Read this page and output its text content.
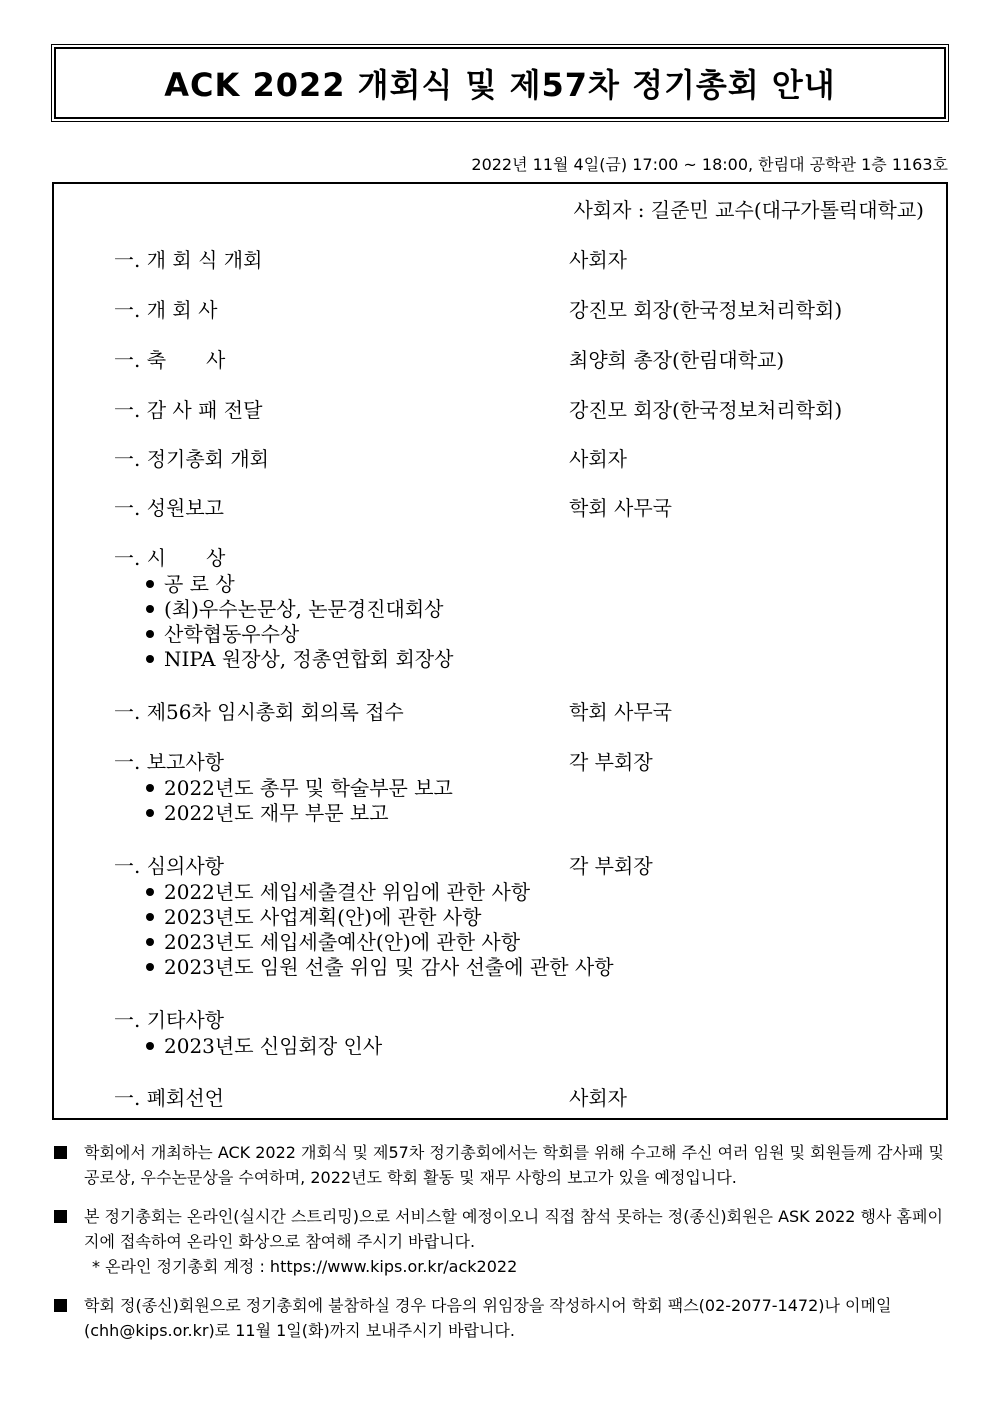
ACK 2022 개회식 및 제57차 정기총회 안내
2022년 11월 4일(금) 17:00 ~ 18:00, 한림대 공학관 1층 1163호
사회자 : 길준민 교수(대구가톨릭대학교)
一. 개 회 식 개회	사회자
一. 개 회 사	강진모 회장(한국정보처리학회)
一. 축　　사	최양희 총장(한림대학교)
一. 감 사 패 전달	강진모 회장(한국정보처리학회)
一. 정기총회 개회	사회자
一. 성원보고	학회 사무국
一. 시　　상
공 로 상
(최)우수논문상, 논문경진대회상
산학협동우수상
NIPA 원장상, 정총연합회 회장상
一. 제56차 임시총회 회의록 접수	학회 사무국
一. 보고사항	각 부회장
2022년도 총무 및 학술부문 보고
2022년도 재무 부문 보고
一. 심의사항	각 부회장
2022년도 세입세출결산 위임에 관한 사항
2023년도 사업계획(안)에 관한 사항
2023년도 세입세출예산(안)에 관한 사항
2023년도 임원 선출 위임 및 감사 선출에 관한 사항
一. 기타사항
2023년도 신임회장 인사
一. 폐회선언	사회자
학회에서 개최하는 ACK 2022 개회식 및 제57차 정기총회에서는 학회를 위해 수고해 주신 여러 임원 및 회원들께 감사패 및 공로상, 우수논문상을 수여하며, 2022년도 학회 활동 및 재무 사항의 보고가 있을 예정입니다.
본 정기총회는 온라인(실시간 스트리밍)으로 서비스할 예정이오니 직접 참석 못하는 정(종신)회원은 ASK 2022 행사 홈페이지에 접속하여 온라인 화상으로 참여해 주시기 바랍니다.
* 온라인 정기총회 계정 : https://www.kips.or.kr/ack2022
학회 정(종신)회원으로 정기총회에 불참하실 경우 다음의 위임장을 작성하시어 학회 팩스(02-2077-1472)나 이메일(chh@kips.or.kr)로 11월 1일(화)까지 보내주시기 바랍니다.
